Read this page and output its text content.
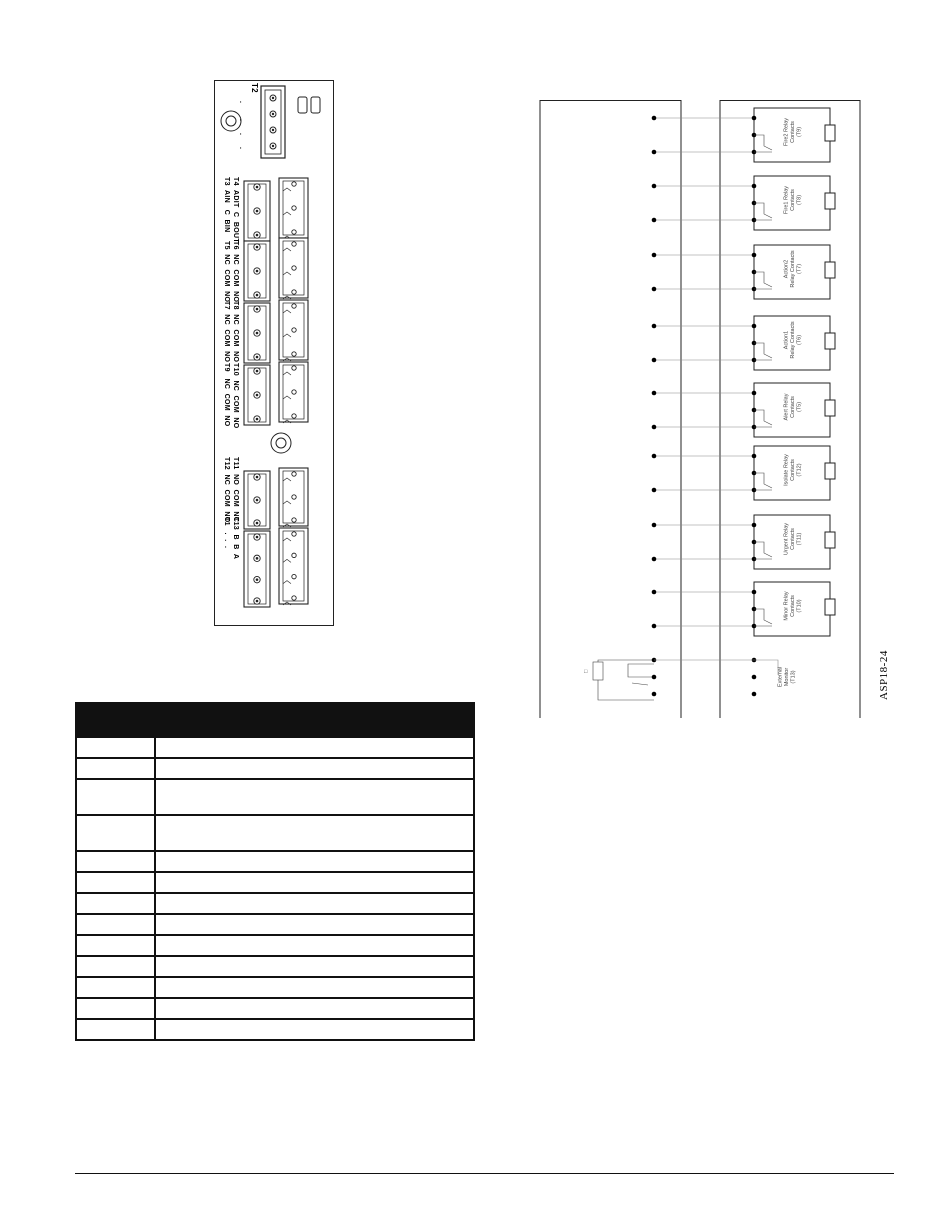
T2
.
.
.
.
T4  ADIT  C  BOUT
T3  AIN   C  BIN
T6  NC  COM  NO
T5  NC  COM  NO
T8  NC  COM  NO
T7  NC  COM  NO
T10  NC  COM  NO
T9   NC  COM  NO
T11  NO  COM  NC
T12  NC  COM  NO
T13  B  B  A
T1   .  .  .

□
Fire2 RelayContacts(T9)
Fire1 RelayContacts(T8)
Action2Relay Contacts(T7)
Action1Relay Contacts(T6)
Alert RelayContacts(T5)
Isolate RelayContacts(T12)
Urgent RelayContacts(T11)
Minor RelayContacts(T10)
ExternalMonitor(T13)	ASP18-24
